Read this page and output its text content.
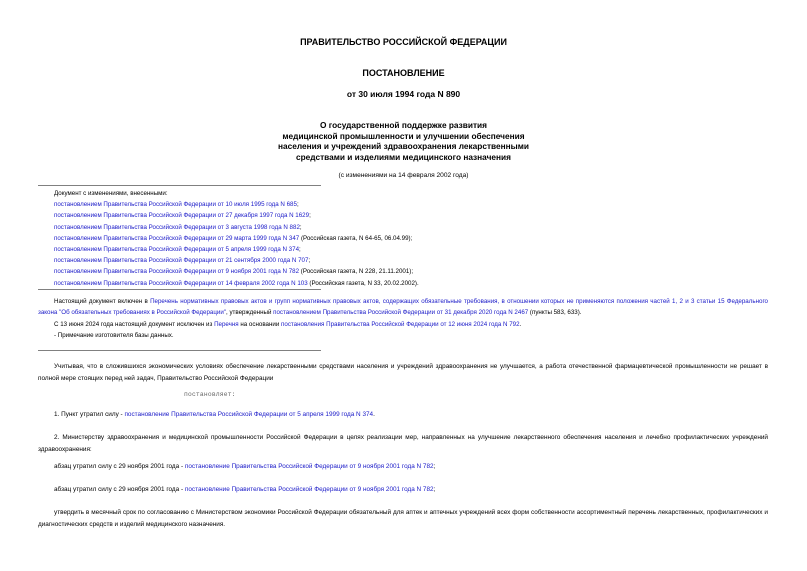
ПРАВИТЕЛЬСТВО РОССИЙСКОЙ ФЕДЕРАЦИИ
ПОСТАНОВЛЕНИЕ
от 30 июля 1994 года N 890
О государственной поддержке развития
медицинской промышленности и улучшении обеспечения
населения и учреждений здравоохранения лекарственными
средствами и изделиями медицинского назначения
(с изменениями на 14 февраля 2002 года)
Документ с изменениями, внесенными:
постановлением Правительства Российской Федерации от 10 июля 1995 года N 685;
постановлением Правительства Российской Федерации от 27 декабря 1997 года N 1629;
постановлением Правительства Российской Федерации от 3 августа 1998 года N 882;
постановлением Правительства Российской Федерации от 29 марта 1999 года N 347 (Российская газета, N 64-65, 06.04.99);
постановлением Правительства Российской Федерации от 5 апреля 1999 года N 374;
постановлением Правительства Российской Федерации от 21 сентября 2000 года N 707;
постановлением Правительства Российской Федерации от 9 ноября 2001 года N 782 (Российская газета, N 228, 21.11.2001);
постановлением Правительства Российской Федерации от 14 февраля 2002 года N 103 (Российская газета, N 33, 20.02.2002).
Настоящий документ включен в Перечень нормативных правовых актов и групп нормативных правовых актов, содержащих обязательные требования, в отношении которых не применяются положения частей 1, 2 и 3 статьи 15 Федерального закона "Об обязательных требованиях в Российской Федерации", утвержденный постановлением Правительства Российской Федерации от 31 декабря 2020 года N 2467 (пункты 583, 633).
С 13 июня 2024 года настоящий документ исключен из Перечня на основании постановления Правительства Российской Федерации от 12 июня 2024 года N 792.
- Примечание изготовителя базы данных.
Учитывая, что в сложившихся экономических условиях обеспечение лекарственными средствами населения и учреждений здравоохранения не улучшается, а работа отечественной фармацевтической промышленности не решает в полной мере стоящих перед ней задач, Правительство Российской Федерации
постановляет:
1. Пункт утратил силу - постановление Правительства Российской Федерации от 5 апреля 1999 года N 374.
2. Министерству здравоохранения и медицинской промышленности Российской Федерации в целях реализации мер, направленных на улучшение лекарственного обеспечения населения и лечебно профилактических учреждений здравоохранения:
абзац утратил силу с 29 ноября 2001 года - постановление Правительства Российской Федерации от 9 ноября 2001 года N 782;
абзац утратил силу с 29 ноября 2001 года - постановление Правительства Российской Федерации от 9 ноября 2001 года N 782;
утвердить в месячный срок по согласованию с Министерством экономики Российской Федерации обязательный для аптек и аптечных учреждений всех форм собственности ассортиментный перечень лекарственных, профилактических и диагностических средств и изделий медицинского назначения.
